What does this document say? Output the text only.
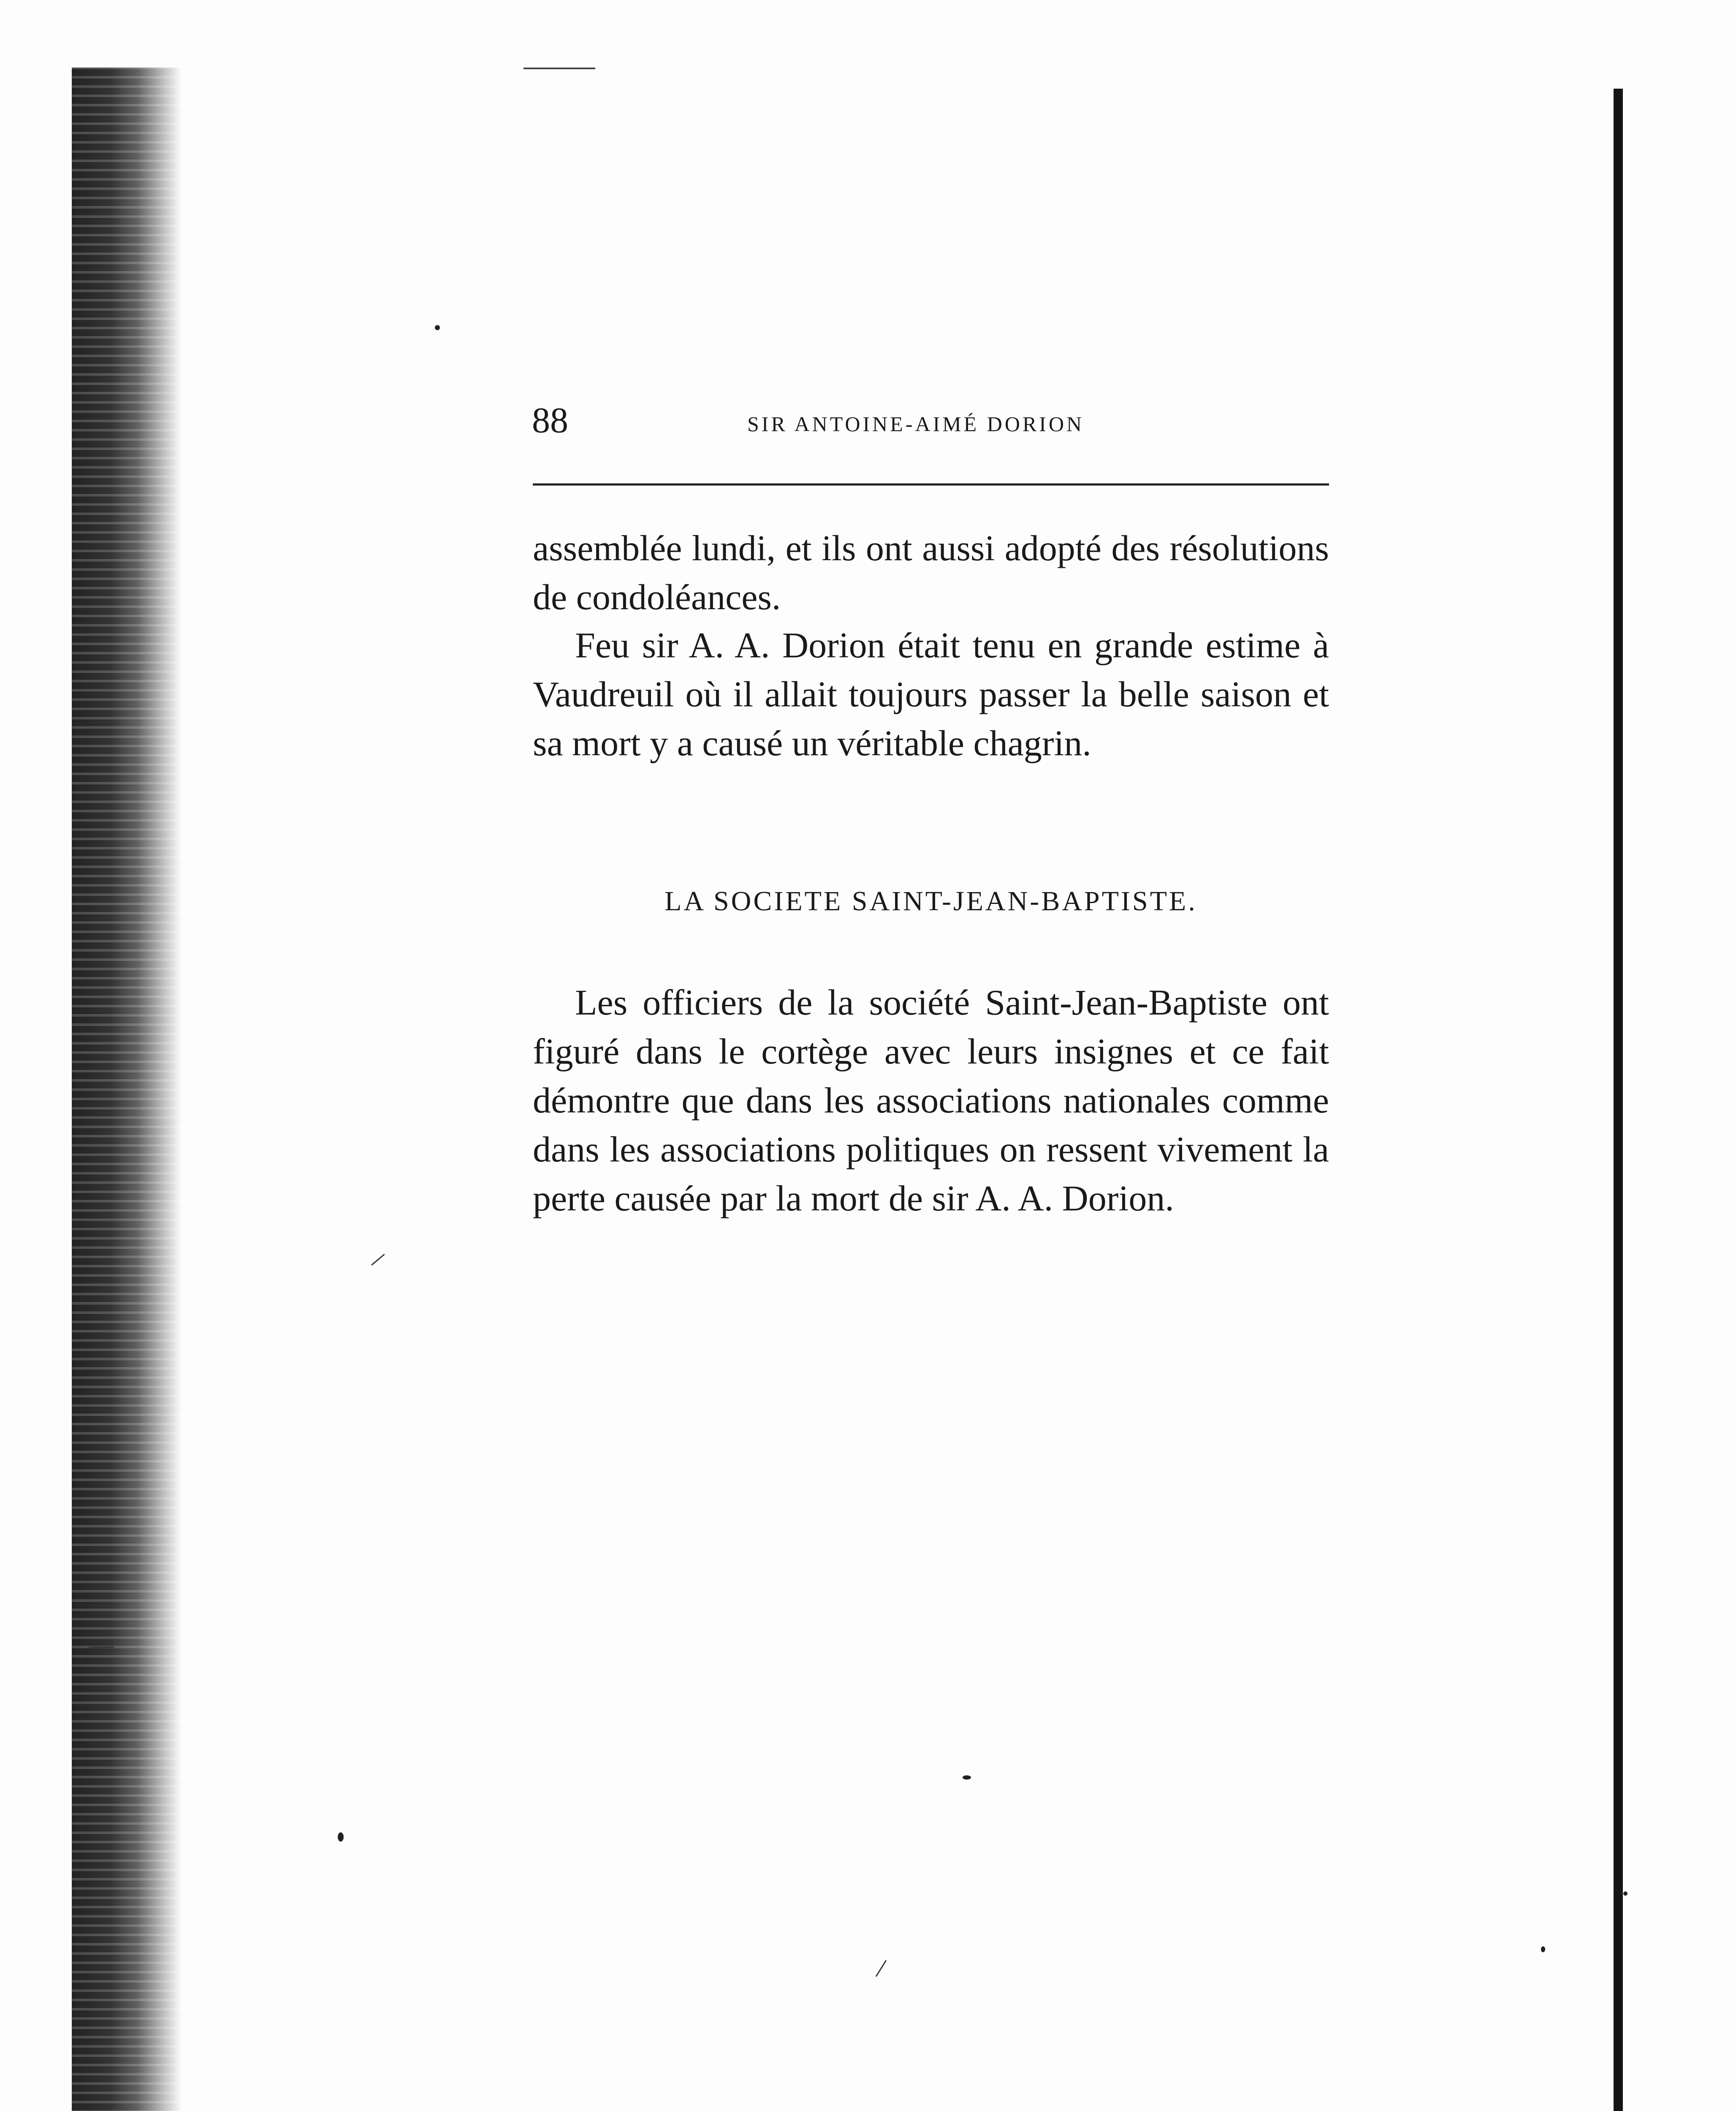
88	SIR ANTOINE-AIMÉ DORION

assemblée lundi, et ils ont aussi adopté des résolutions de condoléances.

Feu sir A. A. Dorion était tenu en grande estime à Vaudreuil où il allait toujours passer la belle saison et sa mort y a causé un véritable chagrin.

LA SOCIETE SAINT-JEAN-BAPTISTE.

Les officiers de la société Saint-Jean-Baptiste ont figuré dans le cortège avec leurs insignes et ce fait démontre que dans les associations nationales comme dans les associations politiques on ressent vivement la perte causée par la mort de sir A. A. Dorion.
